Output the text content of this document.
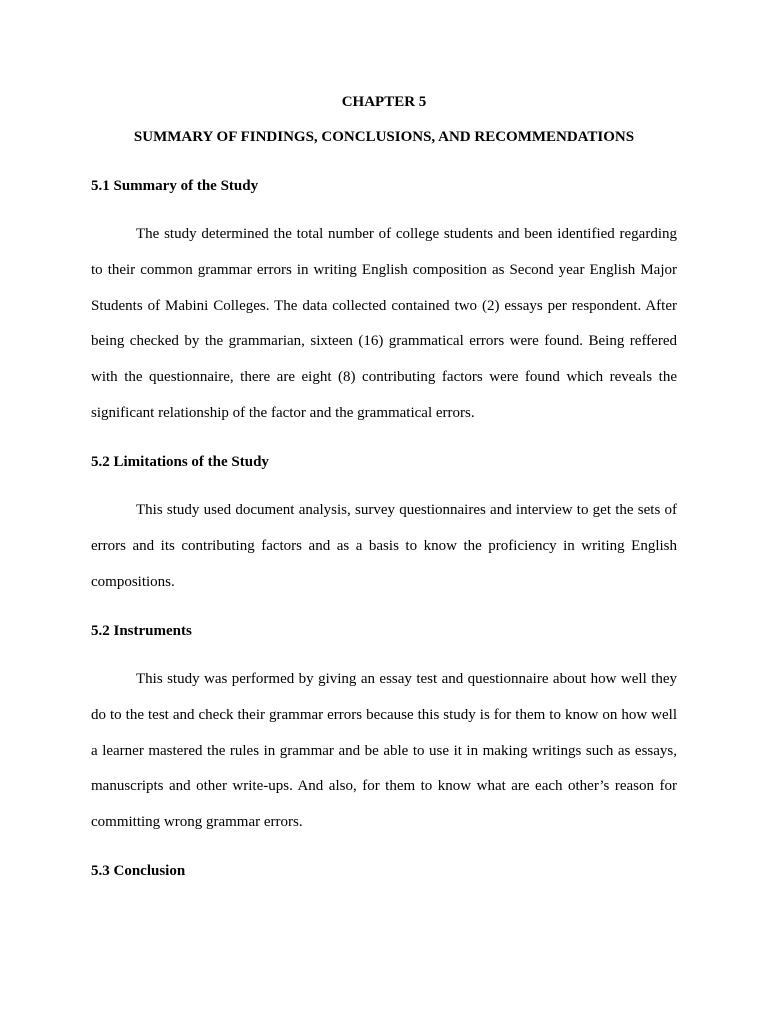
CHAPTER 5
SUMMARY OF FINDINGS, CONCLUSIONS, AND RECOMMENDATIONS
5.1 Summary of the Study

The study determined the total number of college students and been identified regarding to their common grammar errors in writing English composition as Second year English Major Students of Mabini Colleges. The data collected contained two (2) essays per respondent. After being checked by the grammarian, sixteen (16) grammatical errors were found. Being reffered with the questionnaire, there are eight (8) contributing factors were found which reveals the significant relationship of the factor and the grammatical errors.

5.2 Limitations of the Study

This study used document analysis, survey questionnaires and interview to get the sets of errors and its contributing factors and as a basis to know the proficiency in writing English compositions.

5.2 Instruments

This study was performed by giving an essay test and questionnaire about how well they do to the test and check their grammar errors because this study is for them to know on how well a learner mastered the rules in grammar and be able to use it in making writings such as essays, manuscripts and other write-ups. And also, for them to know what are each other’s reason for committing wrong grammar errors.

5.3 Conclusion
